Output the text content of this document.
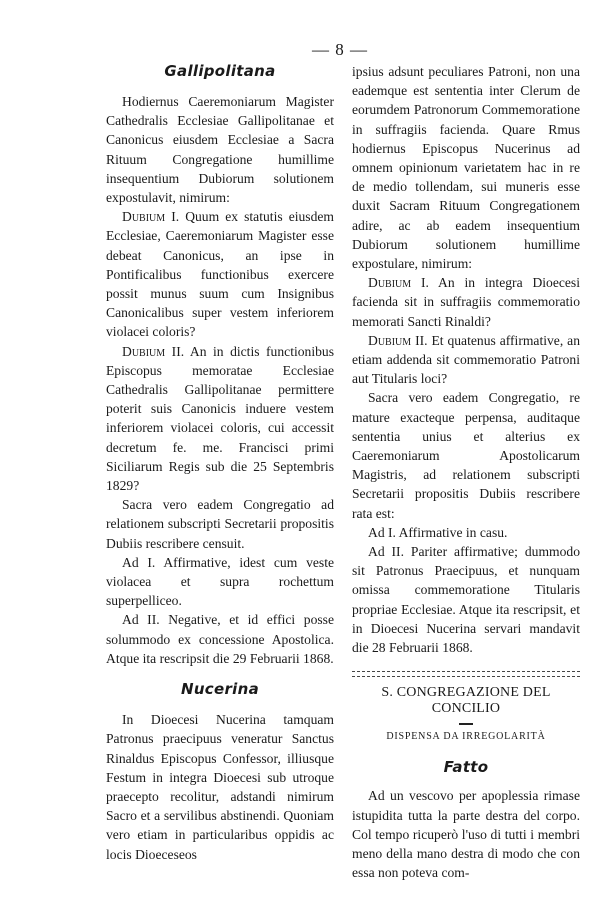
— 8 —
Gallipolitana

Hodiernus Caeremoniarum Magister Cathedralis Ecclesiae Gallipolitanae et Canonicus eiusdem Ecclesiae a Sacra Rituum Congregatione humillime insequentium Dubiorum solutionem expostulavit, nimirum:

Dubium I. Quum ex statutis eiusdem Ecclesiae, Caeremoniarum Magister esse debeat Canonicus, an ipse in Pontificalibus functionibus exercere possit munus suum cum Insignibus Canonicalibus super vestem inferiorem violacei coloris?

Dubium II. An in dictis functionibus Episcopus memoratae Ecclesiae Cathedralis Gallipolitanae permittere poterit suis Canonicis induere vestem inferiorem violacei coloris, cui accessit decretum fe. me. Francisci primi Siciliarum Regis sub die 25 Septembris 1829?

Sacra vero eadem Congregatio ad relationem subscripti Secretarii propositis Dubiis rescribere censuit.

Ad I. Affirmative, idest cum veste violacea et supra rochettum superpelliceo.

Ad II. Negative, et id effici posse solummodo ex concessione Apostolica. Atque ita rescripsit die 29 Februarii 1868.

Nucerina

In Dioecesi Nucerina tamquam Patronus praecipuus veneratur Sanctus Rinaldus Episcopus Confessor, illiusque Festum in integra Dioecesi sub utroque praecepto recolitur, adstandi nimirum Sacro et a servilibus abstinendi. Quoniam vero etiam in particularibus oppidis ac locis Dioeceseos

ipsius adsunt peculiares Patroni, non una eademque est sententia inter Clerum de eorumdem Patronorum Commemoratione in suffragiis facienda. Quare Rmus hodiernus Episcopus Nucerinus ad omnem opinionum varietatem hac in re de medio tollendam, sui muneris esse duxit Sacram Rituum Congregationem adire, ac ab eadem insequentium Dubiorum solutionem humillime expostulare, nimirum:

Dubium I. An in integra Dioecesi facienda sit in suffragiis commemoratio memorati Sancti Rinaldi?

Dubium II. Et quatenus affirmative, an etiam addenda sit commemoratio Patroni aut Titularis loci?

Sacra vero eadem Congregatio, re mature exacteque perpensa, auditaque sententia unius et alterius ex Caeremoniarum Apostolicarum Magistris, ad relationem subscripti Secretarii propositis Dubiis rescribere rata est:

Ad I. Affirmative in casu.

Ad II. Pariter affirmative; dummodo sit Patronus Praecipuus, et nunquam omissa commemoratione Titularis propriae Ecclesiae. Atque ita rescripsit, et in Dioecesi Nucerina servari mandavit die 28 Februarii 1868.

S. CONGREGAZIONE DEL CONCILIO
DISPENSA DA IRREGOLARITÀ
Fatto

Ad un vescovo per apoplessia rimase istupidita tutta la parte destra del corpo. Col tempo ricuperò l'uso di tutti i membri meno della mano destra di modo che con essa non poteva com-
